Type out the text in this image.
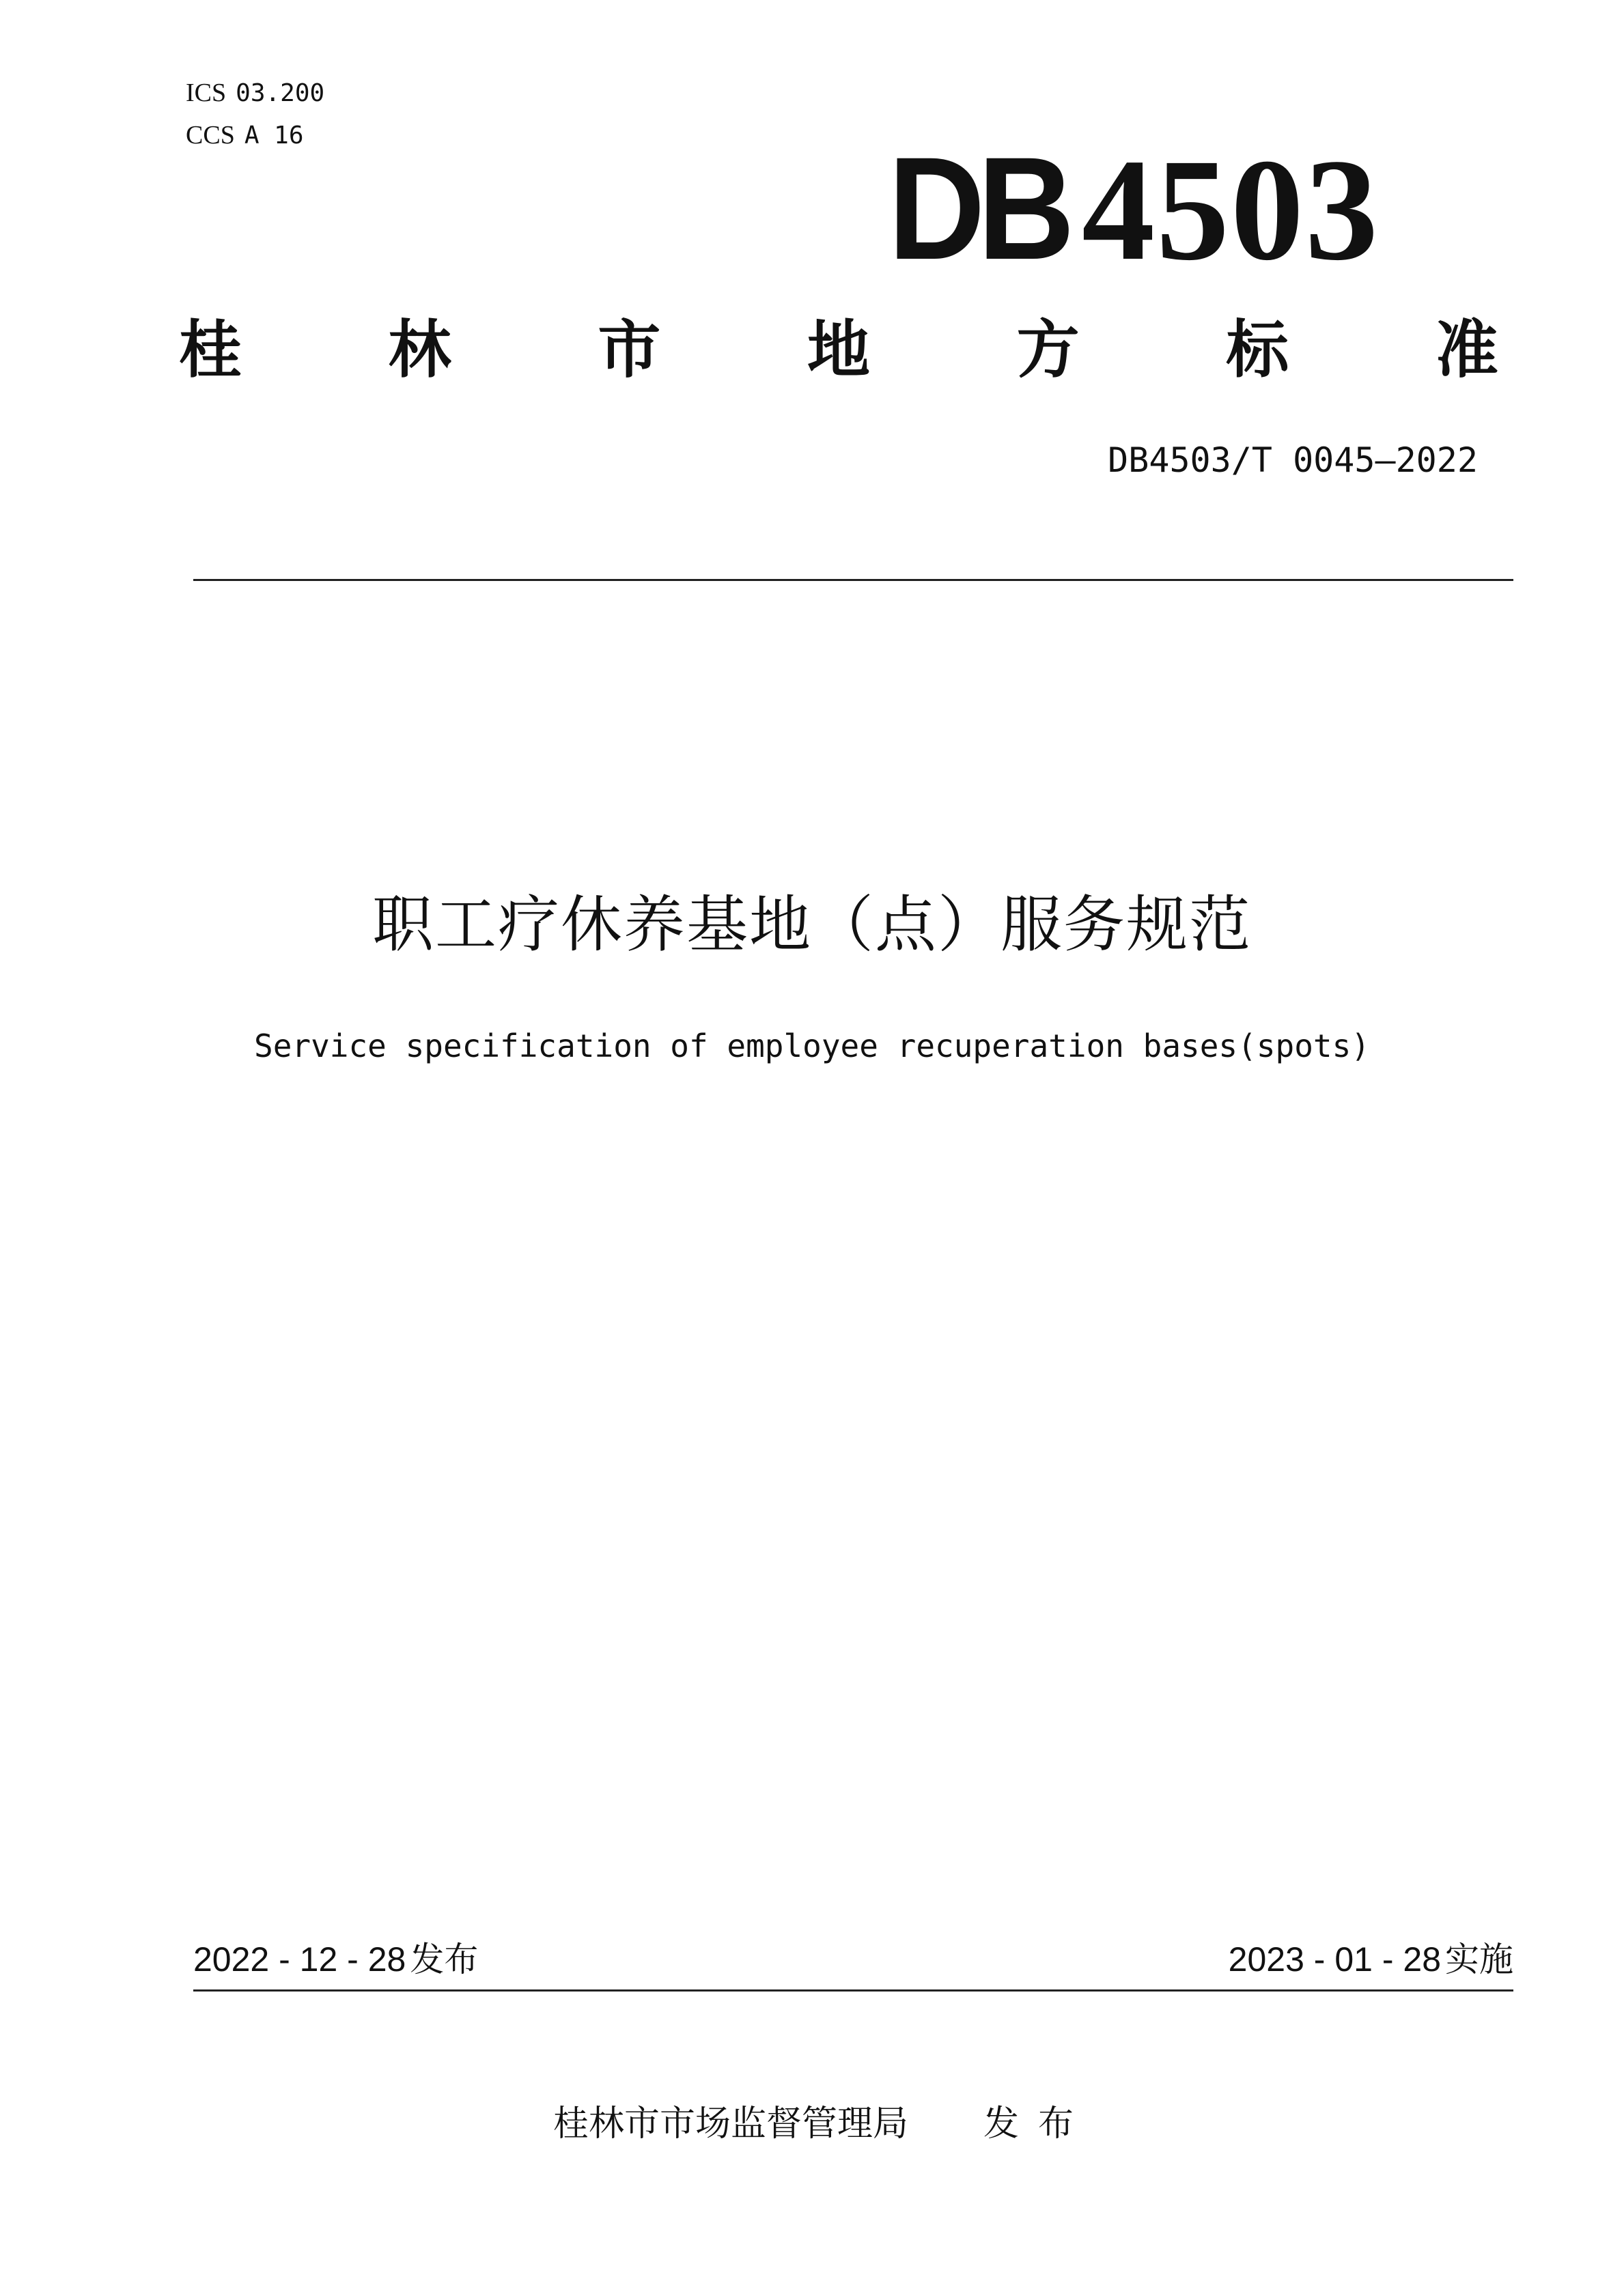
ICS 03.200
CCS A 16	DB 4503
桂 林 市 地 方 标 准
DB4503/T 0045—2022
职工疗休养基地（点）服务规范
Service specification of employee recuperation bases(spots)
2022 - 12 - 28 发布	2023 - 01 - 28 实施
桂林市市场监督管理局 发布
